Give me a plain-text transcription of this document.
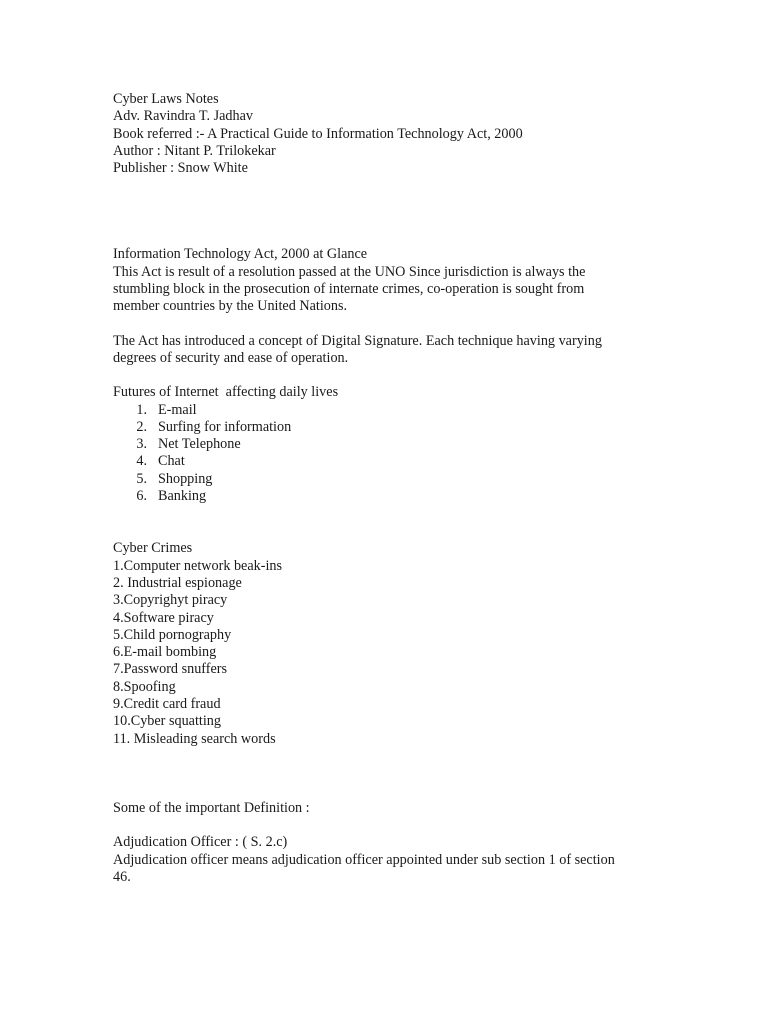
Cyber Laws Notes
Adv. Ravindra T. Jadhav
Book referred :- A Practical Guide to Information Technology Act, 2000
Author : Nitant P. Trilokekar
Publisher : Snow White
Information Technology Act, 2000 at Glance
This Act is result of a resolution passed at the UNO Since jurisdiction is always the
stumbling block in the prosecution of internate crimes, co-operation is sought from
member countries by the United Nations.
The Act has introduced a concept of Digital Signature. Each technique having varying
degrees of security and ease of operation.
Futures of Internet  affecting daily lives
1. E-mail
2. Surfing for information
3. Net Telephone
4. Chat
5. Shopping
6. Banking
Cyber Crimes
1.Computer network beak-ins
2. Industrial espionage
3.Copyrighyt piracy
4.Software piracy
5.Child pornography
6.E-mail bombing
7.Password snuffers
8.Spoofing
9.Credit card fraud
10.Cyber squatting
11. Misleading search words
Some of the important Definition :
Adjudication Officer : ( S. 2.c)
Adjudication officer means adjudication officer appointed under sub section 1 of section
46.
